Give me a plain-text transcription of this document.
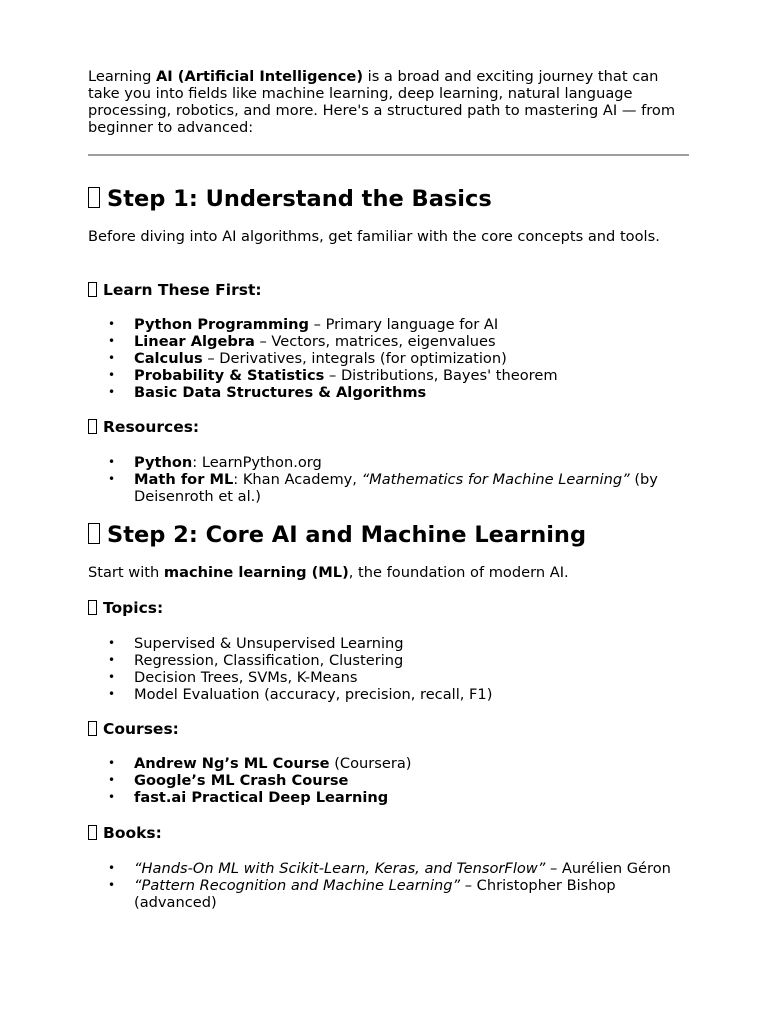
Learning AI (Artificial Intelligence) is a broad and exciting journey that can take you into fields like machine learning, deep learning, natural language processing, robotics, and more. Here's a structured path to mastering AI — from beginner to advanced:

Step 1: Understand the Basics

Before diving into AI algorithms, get familiar with the core concepts and tools.

Learn These First:
• Python Programming – Primary language for AI
• Linear Algebra – Vectors, matrices, eigenvalues
• Calculus – Derivatives, integrals (for optimization)
• Probability & Statistics – Distributions, Bayes' theorem
• Basic Data Structures & Algorithms
Resources:
• Python: LearnPython.org
• Math for ML: Khan Academy, “Mathematics for Machine Learning” (by Deisenroth et al.)
Step 2: Core AI and Machine Learning

Start with machine learning (ML), the foundation of modern AI.

Topics:
• Supervised & Unsupervised Learning
• Regression, Classification, Clustering
• Decision Trees, SVMs, K-Means
• Model Evaluation (accuracy, precision, recall, F1)
Courses:
• Andrew Ng’s ML Course (Coursera)
• Google’s ML Crash Course
• fast.ai Practical Deep Learning
Books:
• “Hands-On ML with Scikit-Learn, Keras, and TensorFlow” – Aurélien Géron
• “Pattern Recognition and Machine Learning” – Christopher Bishop (advanced)
